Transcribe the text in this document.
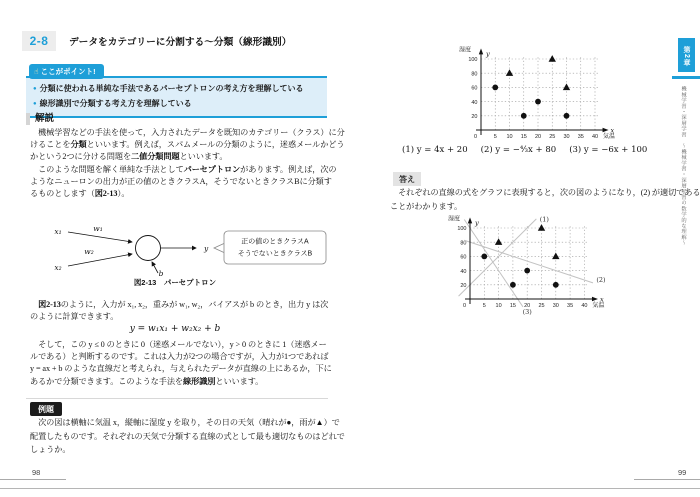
2-8	データをカテゴリーに分割する〜分類（線形識別）
☝ ここがポイント!
● 分類に使われる単純な手法であるパーセプトロンの考え方を理解している
● 線形識別で分類する考え方を理解している
解説
　機械学習などの手法を使って，入力されたデータを既知のカテゴリー（クラス）に分
けることを分類といいます。例えば，スパムメールの分類のように，迷惑メールかどう
かという2つに分ける問題を二値分類問題といいます。
　このような問題を解く単純な手法としてパーセプトロンがあります。例えば，次の
ようなニューロンの出力が正の値のときクラスA，そうでないときクラスBに分類す
るものとします（図2-13）。
x₁
x₂
w₁
w₂
b
y
正の値のときクラスA
そうでないときクラスB
図2-13　パーセプトロン
　図2-13のように，入力が x₁, x₂，重みが w₁, w₂，バイアスが b のとき，出力 y は次
のように計算できます。
y = w₁x₁ + w₂x₂ + b
　そして，この y ≤ 0 のときに 0（迷惑メールでない），y > 0 のときに 1（迷惑メー
ルである）と判断するのです。これは入力が2つの場合ですが，入力が1つであれば
y = ax + b のような直線だと考えられ，与えられたデータが直線の上にあるか，下に
あるかで分類できます。このような手法を線形識別といいます。
例題
　次の図は横軸に気温 x，縦軸に湿度 y を取り，その日の天気（晴れが●，雨が▲）で
配置したものです。それぞれの天気で分類する直線の式として最も適切なものはどれで
しょうか。
98
20
40
60
80
100
5 10 15 20 25 30 35 40
0
x
y
気温
湿度
(1) y = 4x + 20 (2) y = −⁴⁄₃x + 80 (3) y = −6x + 100
答え
　それぞれの直線の式をグラフに表現すると，次の図のようになり，(2) が適切である
ことがわかります。
20
40
60
80
100
5 10 15 20 25 30 35 40
(1)
(2)
(3)
0
x
y
気温
湿度
第2章
機械学習・深層学習　〜機械学習・深層学習の数学的な理解〜
99
